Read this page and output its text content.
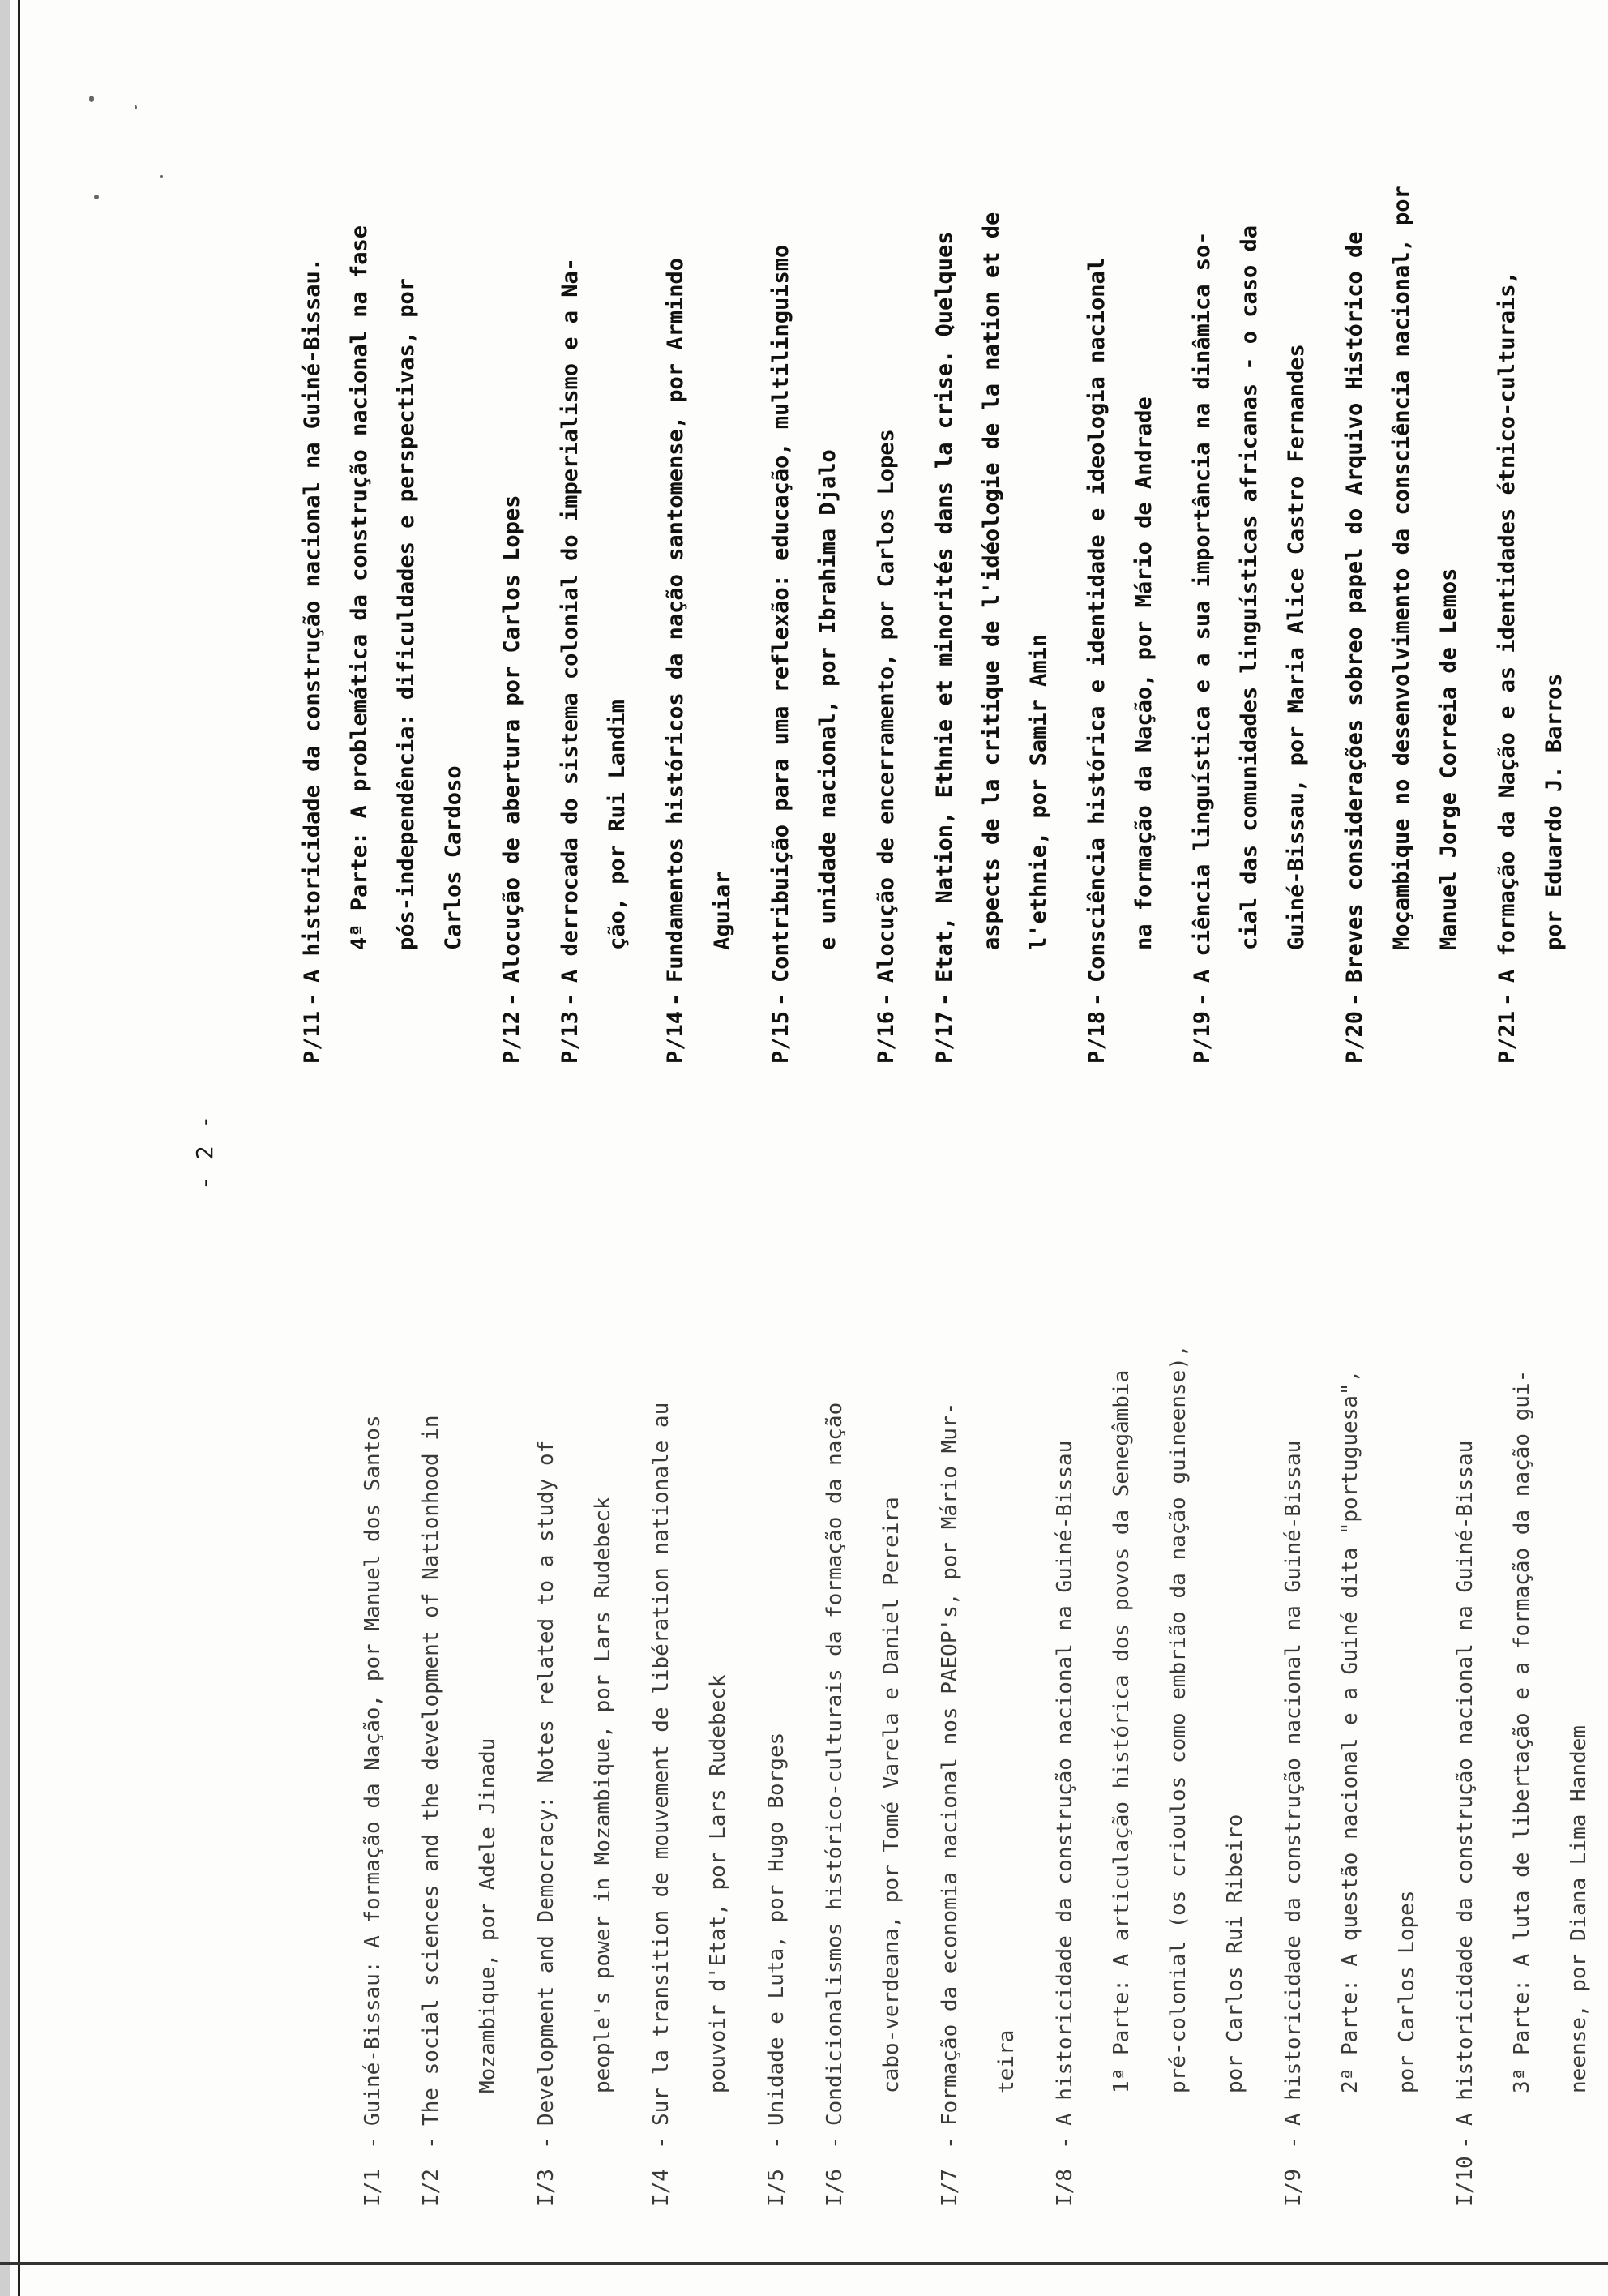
- 2 -
I/1
-
Guiné-Bissau: A formação da Nação, por Manuel dos Santos
I/2
-
The social sciences and the development of Nationhood in Mozambique, por Adele Jinadu
I/3
-
Development and Democracy: Notes related to a study of people's power in Mozambique, por Lars Rudebeck
I/4
-
Sur la transition de mouvement de libération nationale au pouvoir d'Etat, por Lars Rudebeck
I/5
-
Unidade e Luta, por Hugo Borges
I/6
-
Condicionalismos histórico-culturais da formação da nação cabo-verdeana, por Tomé Varela e Daniel Pereira
I/7
-
Formação da economia nacional nos PAEOP's, por Mário Mur- teira
I/8
-
A historicidade da construção nacional na Guiné-Bissau 1ª Parte: A articulação histórica dos povos da Senegâmbia pré-colonial (os crioulos como embrião da nação guineense), por Carlos Rui Ribeiro
I/9
-
A historicidade da construção nacional na Guiné-Bissau 2ª Parte: A questão nacional e a Guiné dita "portuguesa", por Carlos Lopes
I/10
-
A historicidade da construção nacional na Guiné-Bissau 3ª Parte: A luta de libertação e a formação da nação gui- neense, por Diana Lima Handem
P/11
-
A historicidade da construção nacional na Guiné-Bissau. 4ª Parte: A problemática da construção nacional na fase pós-independência: dificuldades e perspectivas, por Carlos Cardoso
P/12
-
Alocução de abertura por Carlos Lopes
P/13
-
A derrocada do sistema colonial do imperialismo e a Na- ção, por Rui Landim
P/14
-
Fundamentos históricos da nação santomense, por Armindo Aguiar
P/15
-
Contribuição para uma reflexão: educação, multilinguismo e unidade nacional, por Ibrahima Djalo
P/16
-
Alocução de encerramento, por Carlos Lopes
P/17
-
Etat, Nation, Ethnie et minorités dans la crise. Quelques aspects de la critique de l'idéologie de la nation et de l'ethnie, por Samir Amin
P/18
-
Consciência histórica e identidade e ideologia nacional na formação da Nação, por Mário de Andrade
P/19
-
A ciência linguística e a sua importância na dinâmica so- cial das comunidades linguísticas africanas - o caso da Guiné-Bissau, por Maria Alice Castro Fernandes
P/20
-
Breves considerações sobreo papel do Arquivo Histórico de Moçambique no desenvolvimento da consciência nacional, por Manuel Jorge Correia de Lemos
P/21
-
A formação da Nação e as identidades étnico-culturais, por Eduardo J. Barros
